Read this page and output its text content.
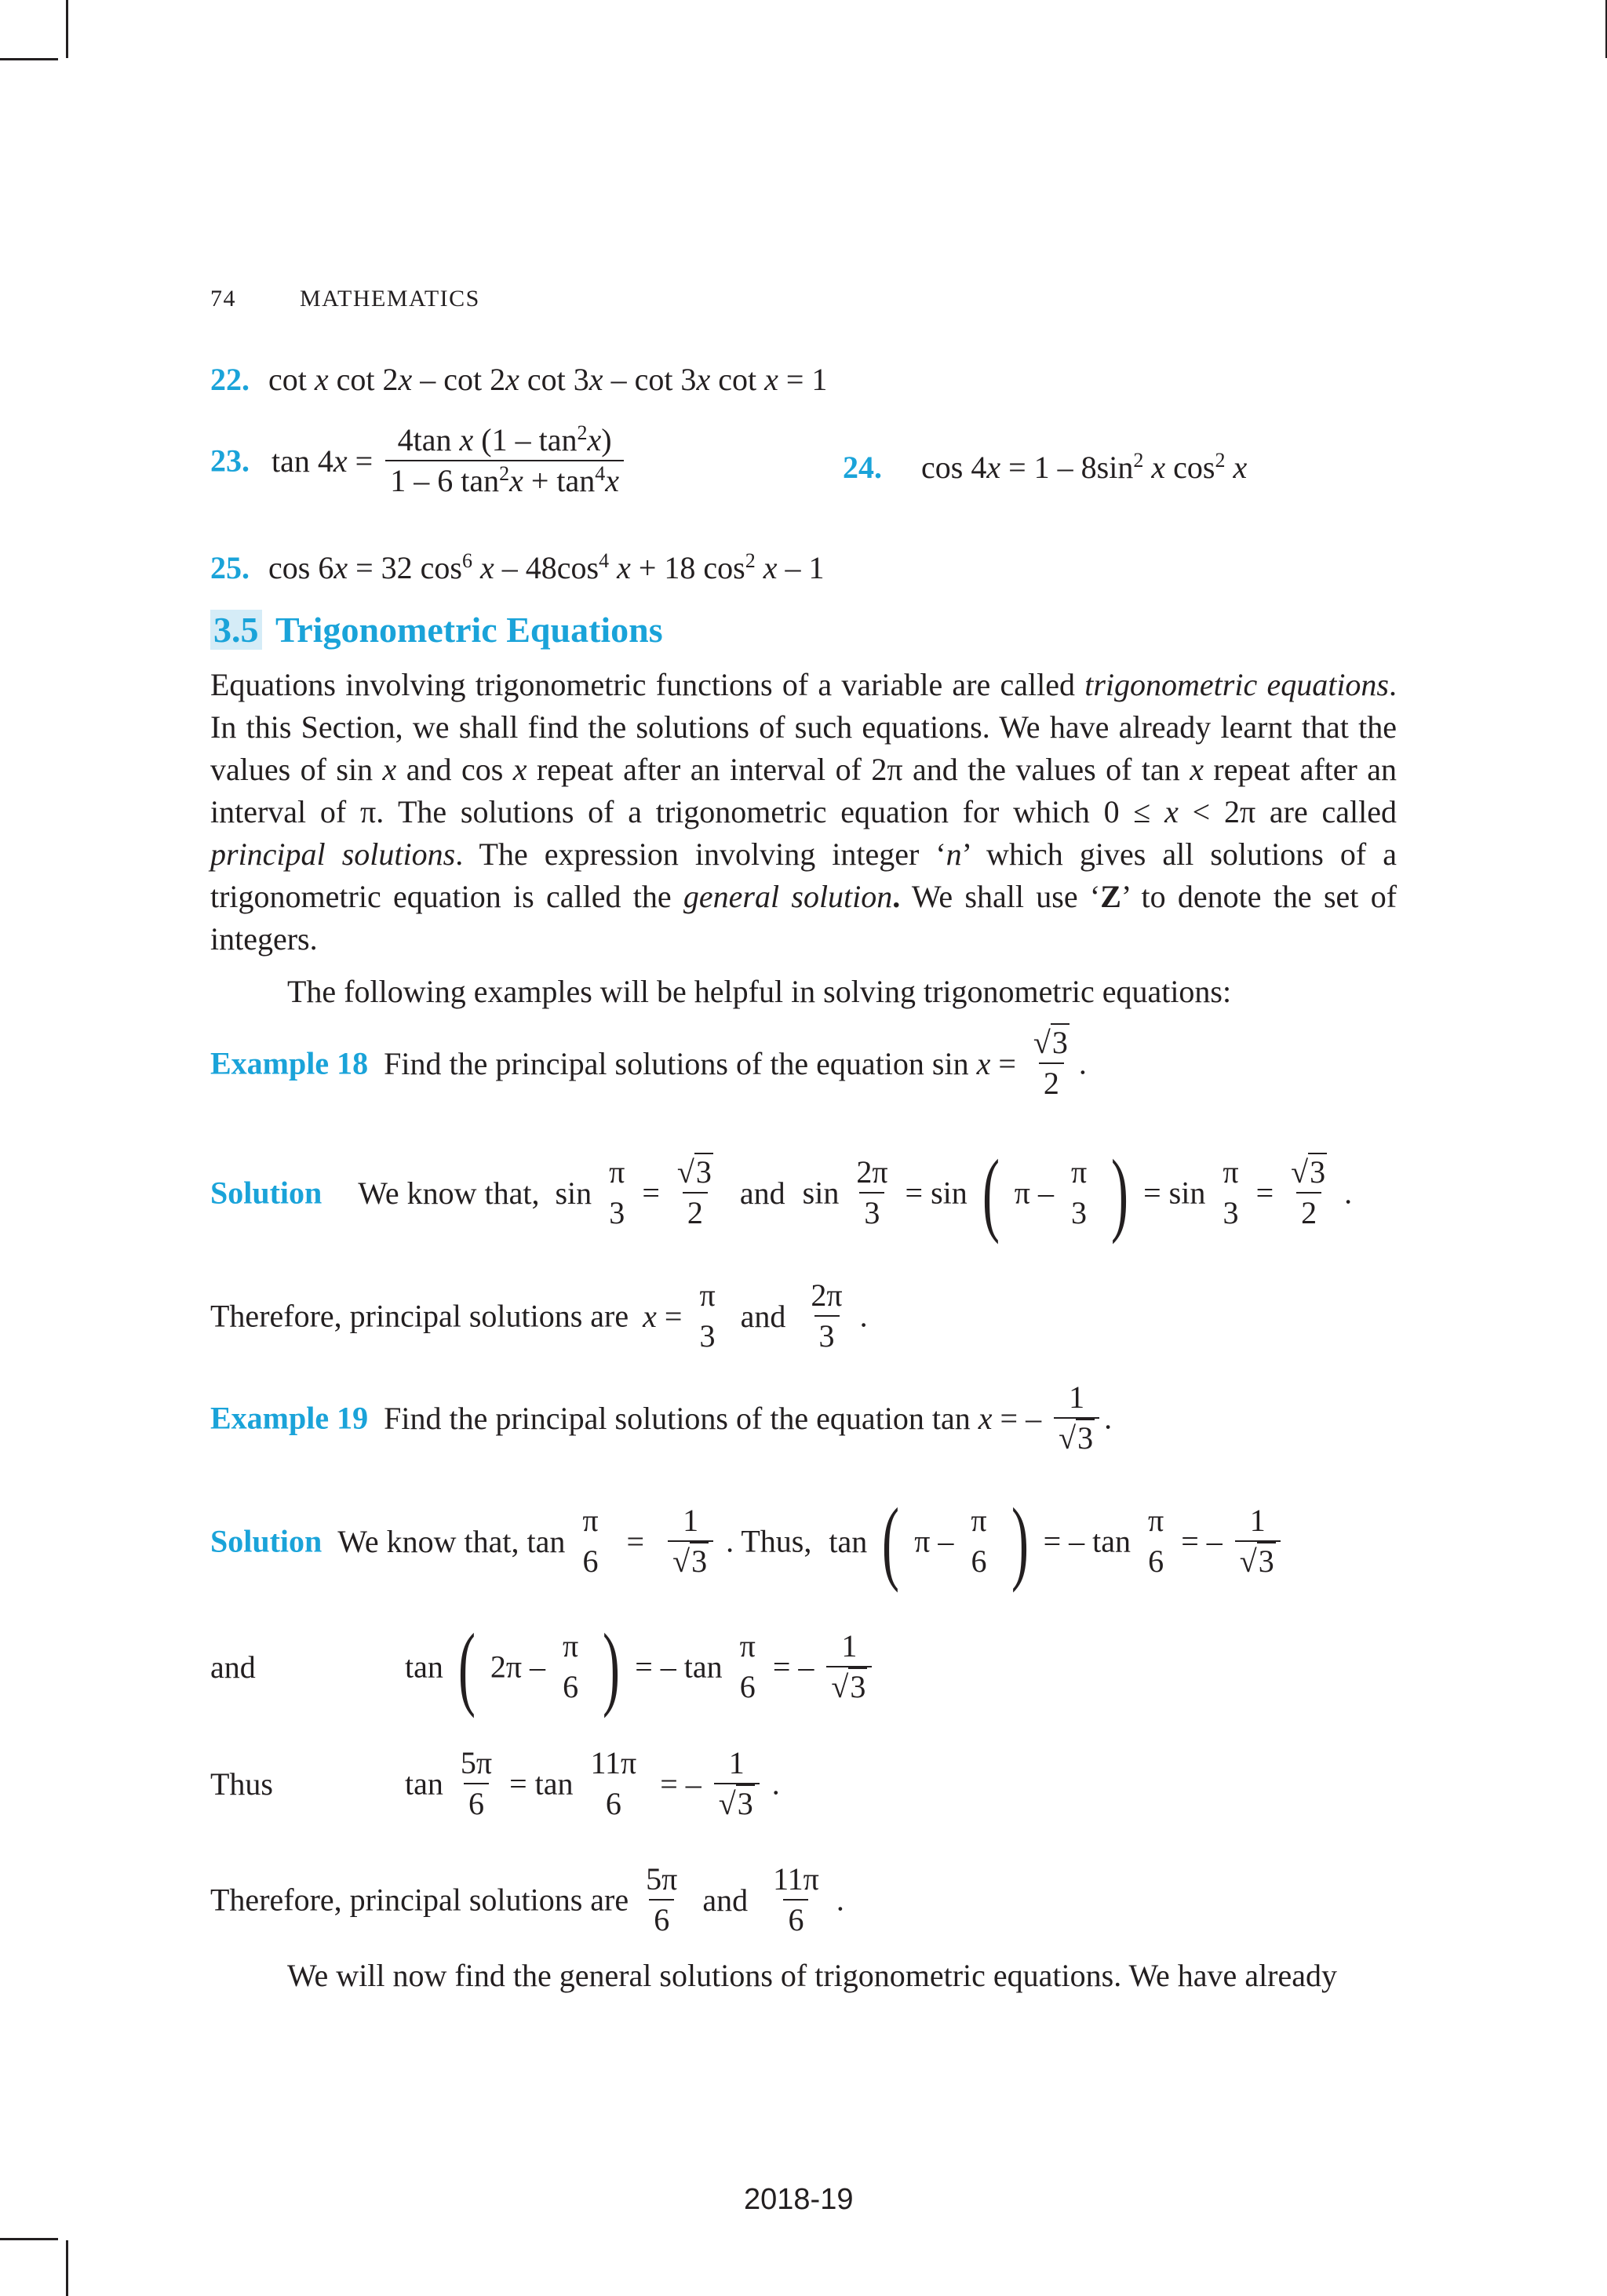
74	MATHEMATICS
22. cot x cot 2x – cot 2x cot 3x – cot 3x cot x = 1
23. $\tan 4x = \frac{4\tan x (1 - \tan^2x)}{1 - 6 \tan^2x + \tan^4x}$	24. $\cos 4x = 1 - 8\sin^2$ x $\cos^2 x$
25. cos 6x = 32 $\cos^6 x - 48\cos^4$ x + 18 $\cos^2 x - 1$
3.5 Trigonometric Equations

Equations involving trigonometric functions of a variable are called trigonometric equations. In this Section, we shall find the solutions of such equations. We have already learnt that the values of sin x and cos x repeat after an interval of 2π and the values of tan x repeat after an interval of π. The solutions of a trigonometric equation for which 0 ≤ x < 2π are called principal solutions. The expression involving integer ‘n’ which gives all solutions of a trigonometric equation is called the general solution. We shall use ‘Z’ to denote the set of integers.

The following examples will be helpful in solving trigonometric equations:
Example 18 Find the principal solutions of the equation $\sin x = \frac{√3}{2}$ .
Solution We know that, sin
π
3
= $\frac{√3}{2}$ and $\sin \frac{2\pi}{3} = \sin$ ( π –
π
3 ) = sin
π
3
= $\frac{√3}{2}$ .
Therefore, principal solutions are x =
π
3
and $\frac{2\pi}{3}$ .
Example 19 Find the principal solutions of the equation tan x = – $\frac{1}{√3}$ .
Solution We know that, tan
π
6
= $\frac{1}{√3}$ . Thus, tan ( π –
π
6 ) = – tan
π
6
= – $\frac{1}{√3}$
and	tan ( 2π –
π
6 ) = – tan
π
6
= – $\frac{1}{√3}$
Thus	$\tan \frac{5\pi}{6} = \tan$
11π
6
= – $\frac{1}{√3}$ .
Therefore, principal solutions are $\frac{5\pi}{6}$ and $\frac{11\pi}{6}$ .
We will now find the general solutions of trigonometric equations. We have already
2018-19
